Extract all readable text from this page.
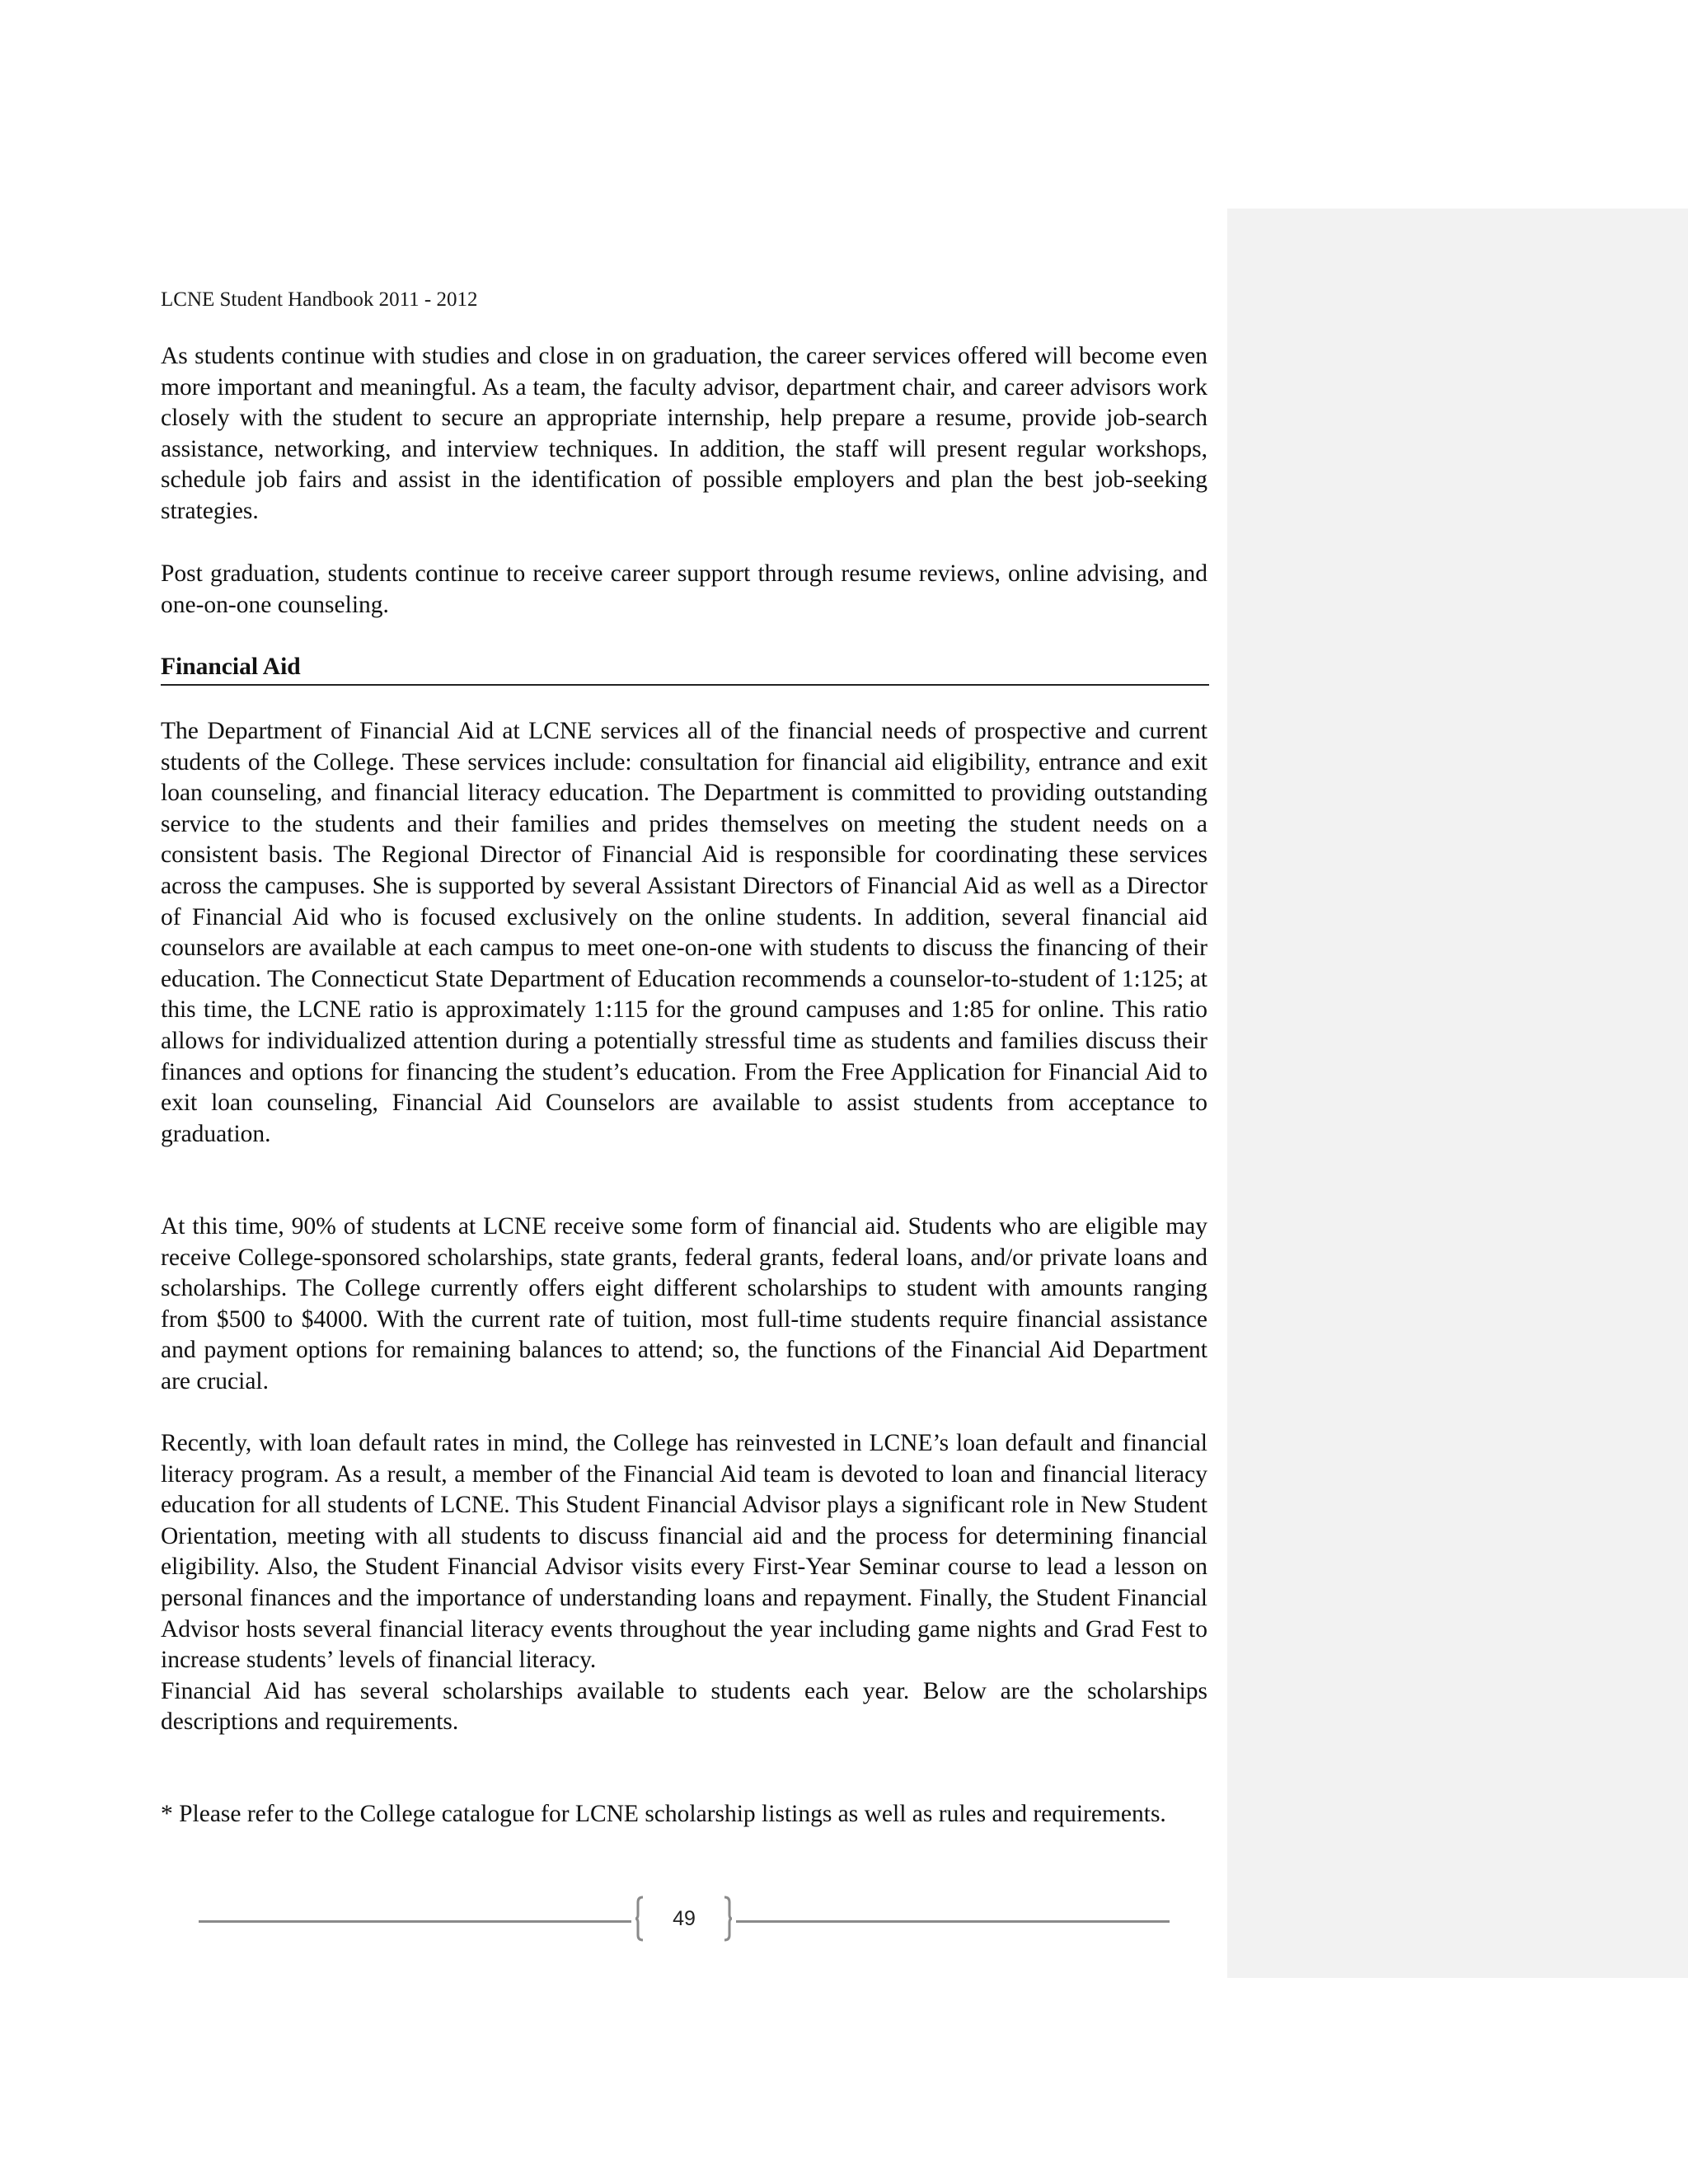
LCNE Student Handbook 2011 - 2012

As students continue with studies and close in on graduation, the career services offered will become even more important and meaningful. As a team, the faculty advisor, department chair, and career advisors work closely with the student to secure an appropriate internship, help prepare a resume, provide job-search assistance, networking, and interview techniques. In addition, the staff will present regular workshops, schedule job fairs and assist in the identification of possible employers and plan the best job-seeking strategies.

Post graduation, students continue to receive career support through resume reviews, online advising, and one-on-one counseling.

Financial Aid

The Department of Financial Aid at LCNE services all of the financial needs of prospective and current students of the College. These services include: consultation for financial aid eligibility, entrance and exit loan counseling, and financial literacy education. The Department is committed to providing outstanding service to the students and their families and prides themselves on meeting the student needs on a consistent basis. The Regional Director of Financial Aid is responsible for coordinating these services across the campuses. She is supported by several Assistant Directors of Financial Aid as well as a Director of Financial Aid who is focused exclusively on the online students. In addition, several financial aid counselors are available at each campus to meet one-on-one with students to discuss the financing of their education. The Connecticut State Department of Education recommends a counselor-to-student of 1:125; at this time, the LCNE ratio is approximately 1:115 for the ground campuses and 1:85 for online. This ratio allows for individualized attention during a potentially stressful time as students and families discuss their finances and options for financing the student’s education. From the Free Application for Financial Aid to exit loan counseling, Financial Aid Counselors are available to assist students from acceptance to graduation.

At this time, 90% of students at LCNE receive some form of financial aid. Students who are eligible may receive College-sponsored scholarships, state grants, federal grants, federal loans, and/or private loans and scholarships. The College currently offers eight different scholarships to student with amounts ranging from $500 to $4000. With the current rate of tuition, most full-time students require financial assistance and payment options for remaining balances to attend; so, the functions of the Financial Aid Department are crucial.

Recently, with loan default rates in mind, the College has reinvested in LCNE’s loan default and financial literacy program. As a result, a member of the Financial Aid team is devoted to loan and financial literacy education for all students of LCNE. This Student Financial Advisor plays a significant role in New Student Orientation, meeting with all students to discuss financial aid and the process for determining financial eligibility. Also, the Student Financial Advisor visits every First-Year Seminar course to lead a lesson on personal finances and the importance of understanding loans and repayment. Finally, the Student Financial Advisor hosts several financial literacy events throughout the year including game nights and Grad Fest to increase students’ levels of financial literacy.

Financial Aid has several scholarships available to students each year. Below are the scholarships descriptions and requirements.

* Please refer to the College catalogue for LCNE scholarship listings as well as rules and requirements.

49
